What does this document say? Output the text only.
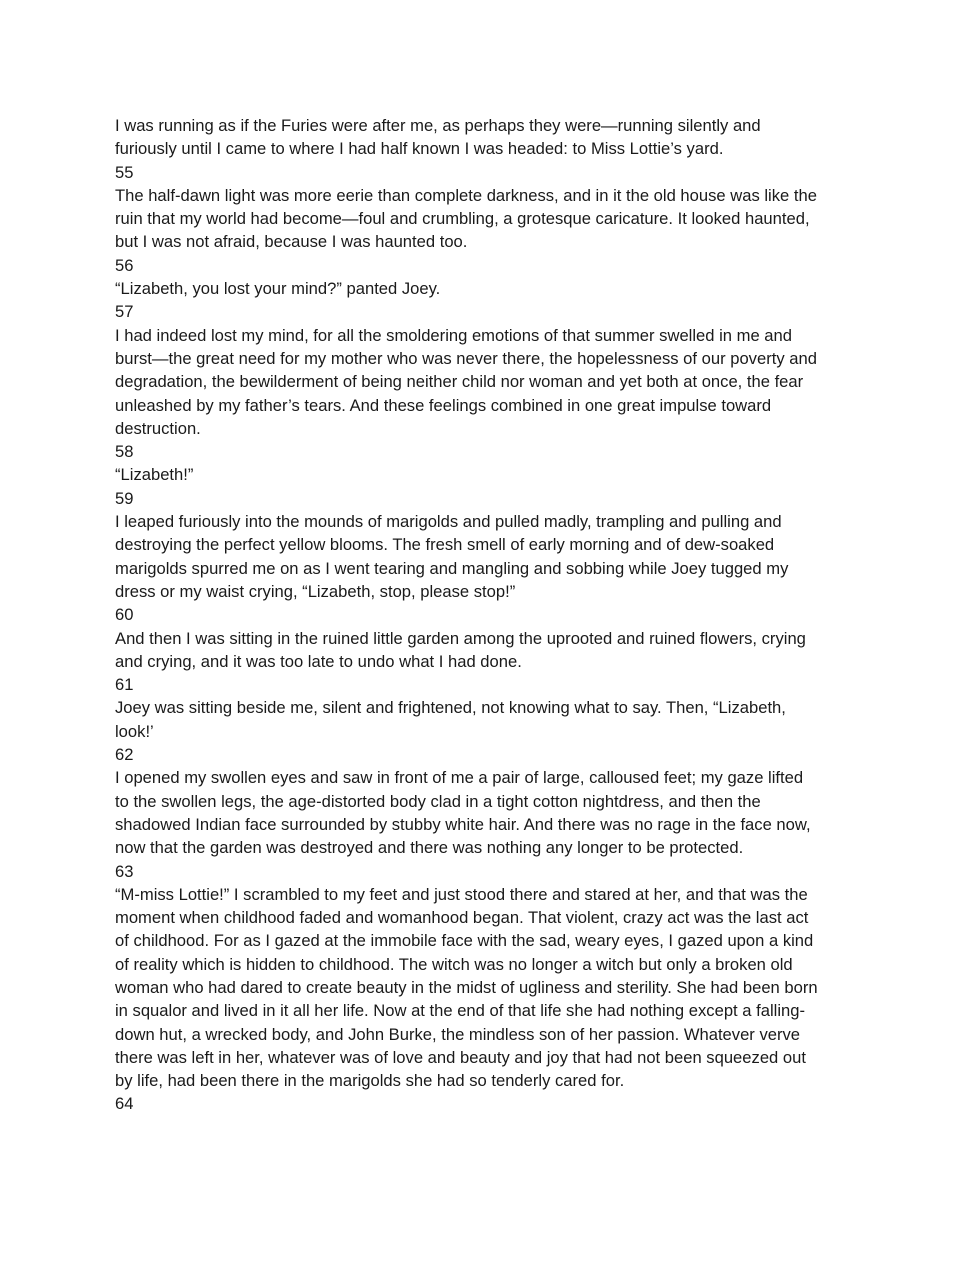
I was running as if the Furies were after me, as perhaps they were—running silently and
furiously until I came to where I had half known I was headed: to Miss Lottie’s yard.

55

The half-dawn light was more eerie than complete darkness, and in it the old house was like the
ruin that my world had become—foul and crumbling, a grotesque caricature. It looked haunted,
but I was not afraid, because I was haunted too.

56

“Lizabeth, you lost your mind?” panted Joey.

57

I had indeed lost my mind, for all the smoldering emotions of that summer swelled in me and
burst—the great need for my mother who was never there, the hopelessness of our poverty and
degradation, the bewilderment of being neither child nor woman and yet both at once, the fear
unleashed by my father’s tears. And these feelings combined in one great impulse toward
destruction.

58

“Lizabeth!”

59

I leaped furiously into the mounds of marigolds and pulled madly, trampling and pulling and
destroying the perfect yellow blooms. The fresh smell of early morning and of dew-soaked
marigolds spurred me on as I went tearing and mangling and sobbing while Joey tugged my
dress or my waist crying, “Lizabeth, stop, please stop!”

60

And then I was sitting in the ruined little garden among the uprooted and ruined flowers, crying
and crying, and it was too late to undo what I had done.

61

Joey was sitting beside me, silent and frightened, not knowing what to say. Then, “Lizabeth,
look!’

62

I opened my swollen eyes and saw in front of me a pair of large, calloused feet; my gaze lifted
to the swollen legs, the age-distorted body clad in a tight cotton nightdress, and then the
shadowed Indian face surrounded by stubby white hair. And there was no rage in the face now,
now that the garden was destroyed and there was nothing any longer to be protected.

63

“M-miss Lottie!” I scrambled to my feet and just stood there and stared at her, and that was the
moment when childhood faded and womanhood began. That violent, crazy act was the last act
of childhood. For as I gazed at the immobile face with the sad, weary eyes, I gazed upon a kind
of reality which is hidden to childhood. The witch was no longer a witch but only a broken old
woman who had dared to create beauty in the midst of ugliness and sterility. She had been born
in squalor and lived in it all her life. Now at the end of that life she had nothing except a falling-
down hut, a wrecked body, and John Burke, the mindless son of her passion. Whatever verve
there was left in her, whatever was of love and beauty and joy that had not been squeezed out
by life, had been there in the marigolds she had so tenderly cared for.

64
